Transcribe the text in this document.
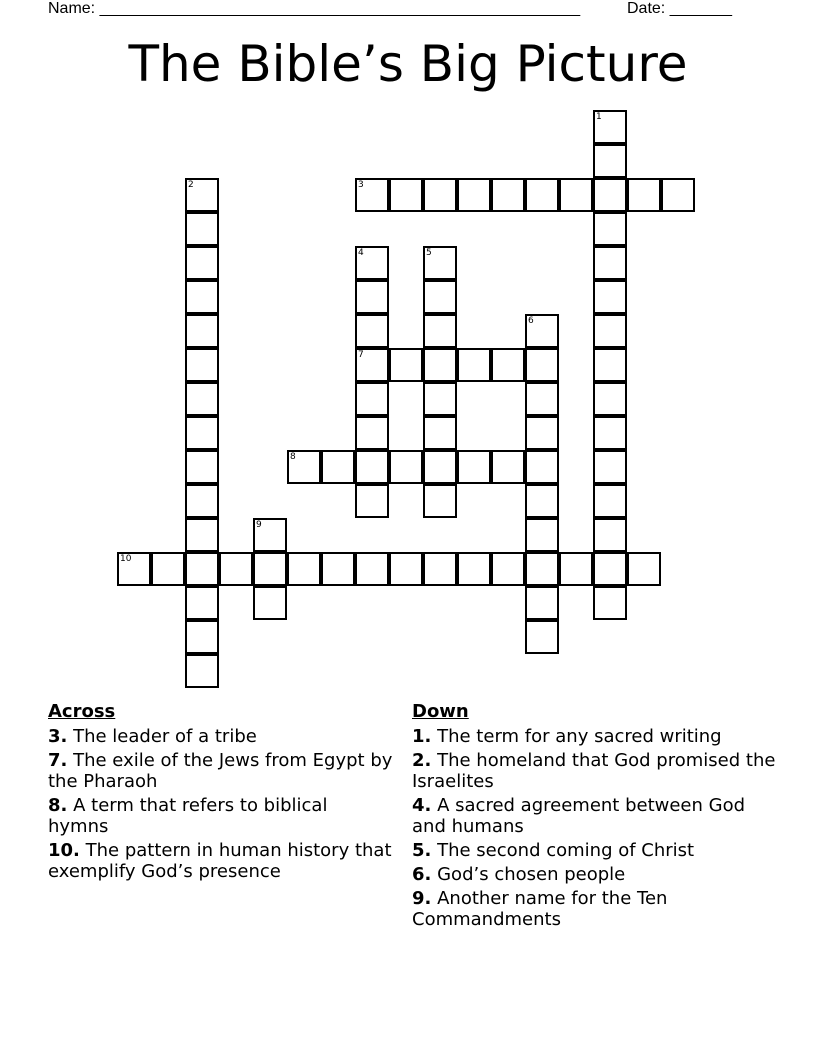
Name: ______________________________________________________	Date: _______
The Bible’s Big Picture
1
2	3
4
7
5
6
8
9
10
Across
3. The leader of a tribe
7. The exile of the Jews from Egypt by the Pharaoh
8. A term that refers to biblical hymns
10. The pattern in human history that exemplify God’s presence
Down
1. The term for any sacred writing
2. The homeland that God promised the Israelites
4. A sacred agreement between God and humans
5. The second coming of Christ
6. God’s chosen people
9. Another name for the Ten Commandments
